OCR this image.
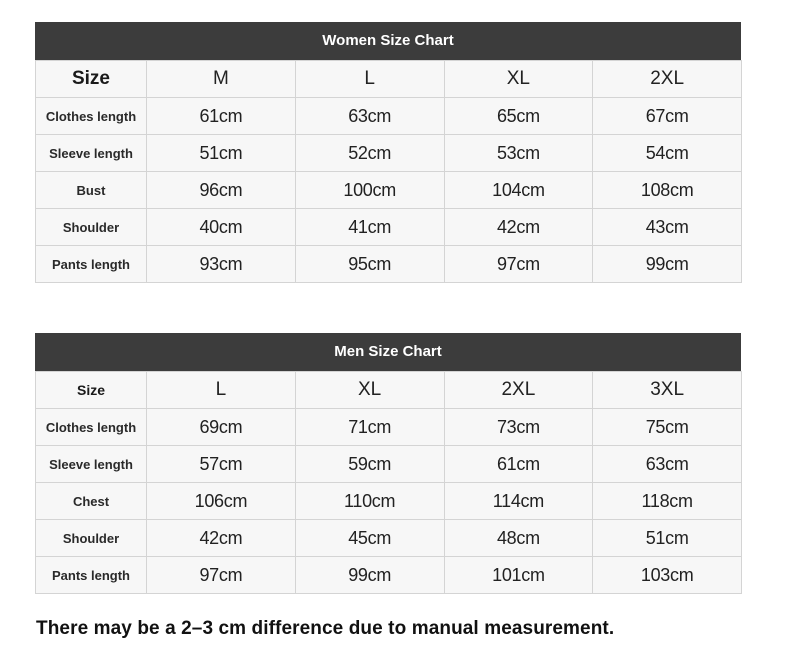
Women Size Chart
Size	M	L	XL	2XL
Clothes length	61cm	63cm	65cm	67cm
Sleeve length	51cm	52cm	53cm	54cm
Bust	96cm	100cm	104cm	108cm
Shoulder	40cm	41cm	42cm	43cm
Pants length	93cm	95cm	97cm	99cm
Men Size Chart
Size	L	XL	2XL	3XL
Clothes length	69cm	71cm	73cm	75cm
Sleeve length	57cm	59cm	61cm	63cm
Chest	106cm	110cm	114cm	118cm
Shoulder	42cm	45cm	48cm	51cm
Pants length	97cm	99cm	101cm	103cm
There may be a 2–3 cm difference due to manual measurement.
